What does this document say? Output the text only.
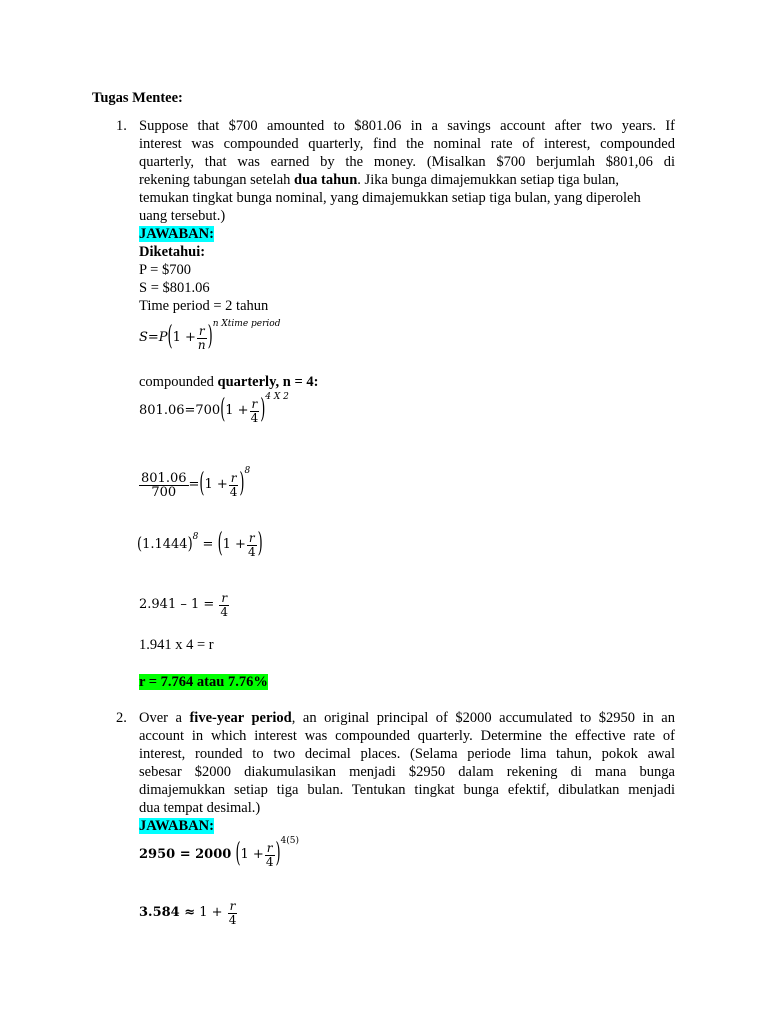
Tugas Mentee:
1. Suppose that $700 amounted to $801.06 in a savings account after two years. If
interest was compounded quarterly, find the nominal rate of interest, compounded
quarterly, that was earned by the money. (Misalkan $700 berjumlah $801,06 di
rekening tabungan setelah dua tahun. Jika bunga dimajemukkan setiap tiga bulan,
temukan tingkat bunga nominal, yang dimajemukkan setiap tiga bulan, yang diperoleh
uang tersebut.)
JAWABAN:
Diketahui:
P = $700
S = $801.06
Time period = 2 tahun
S=P ( $1 + \frac{r}{n}$ ) n Xtime period
compounded quarterly, n = 4:
801.06=700 ( $1 + \frac{r}{4}$ ) 4 X 2
$\frac{801.06}{700}$ = ( $1 + \frac{r}{4}$ ) 8
( 1.1444 ) 8 = ( $1 + \frac{r}{4}$ )
2.941 – 1 =
$\frac{r}{4}$
1.941 x 4 = r
r = 7.764 atau 7.76%
2. Over a five-year period, an original principal of $2000 accumulated to $2950 in an
account in which interest was compounded quarterly. Determine the effective rate of
interest, rounded to two decimal places. (Selama periode lima tahun, pokok awal
sebesar $2000 diakumulasikan menjadi $2950 dalam rekening di mana bunga
dimajemukkan setiap tiga bulan. Tentukan tingkat bunga efektif, dibulatkan menjadi
dua tempat desimal.)
JAWABAN:
2950 = 2000
( $1 + \frac{r}{4}$ ) 4(5)
3.584 ≈
1 +
$\frac{r}{4}$
